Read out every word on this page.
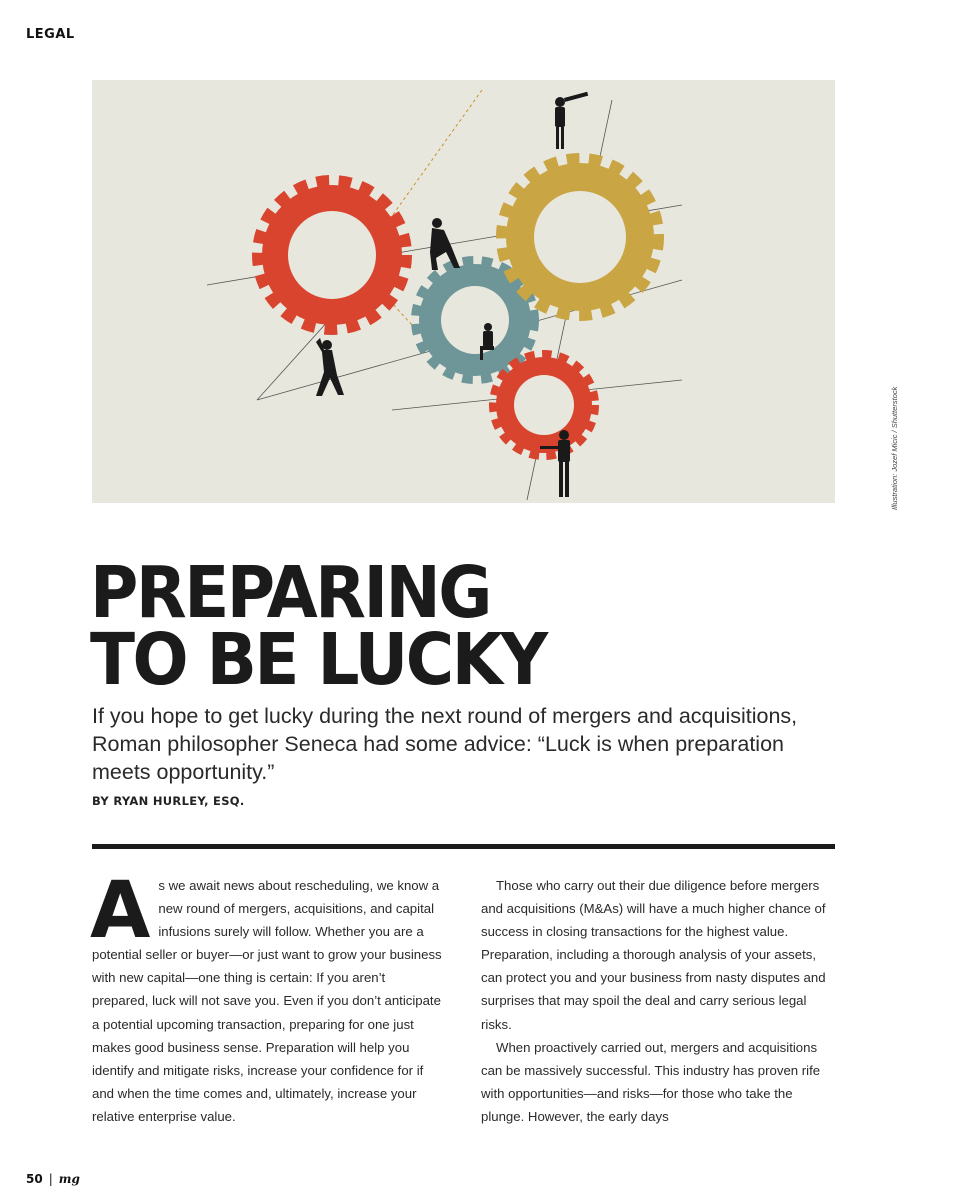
LEGAL
Illustration: Jozef Micic / Shutterstock
PREPARING
TO BE LUCKY

If you hope to get lucky during the next round of mergers and acquisitions, Roman philosopher Seneca had some advice: “Luck is when preparation meets opportunity.”

BY RYAN HURLEY, ESQ.
A s we await news about rescheduling, we know a new round of mergers, acquisitions, and capital infusions surely will follow. Whether you are a potential seller or buyer—or just want to grow your business with new capital—one thing is certain: If you aren’t prepared, luck will not save you. Even if you don’t anticipate a potential upcoming transaction, preparing for one just makes good business sense. Preparation will help you identify and mitigate risks, increase your confidence for if and when the time comes and, ultimately, increase your relative enterprise value.

Those who carry out their due diligence before mergers and acquisitions (M&As) will have a much higher chance of success in closing transactions for the highest value. Preparation, including a thorough analysis of your assets, can protect you and your business from nasty disputes and surprises that may spoil the deal and carry serious legal risks.

When proactively carried out, mergers and acquisitions can be massively successful. This industry has proven rife with opportunities—and risks—for those who take the plunge. However, the early days

50 | mg
